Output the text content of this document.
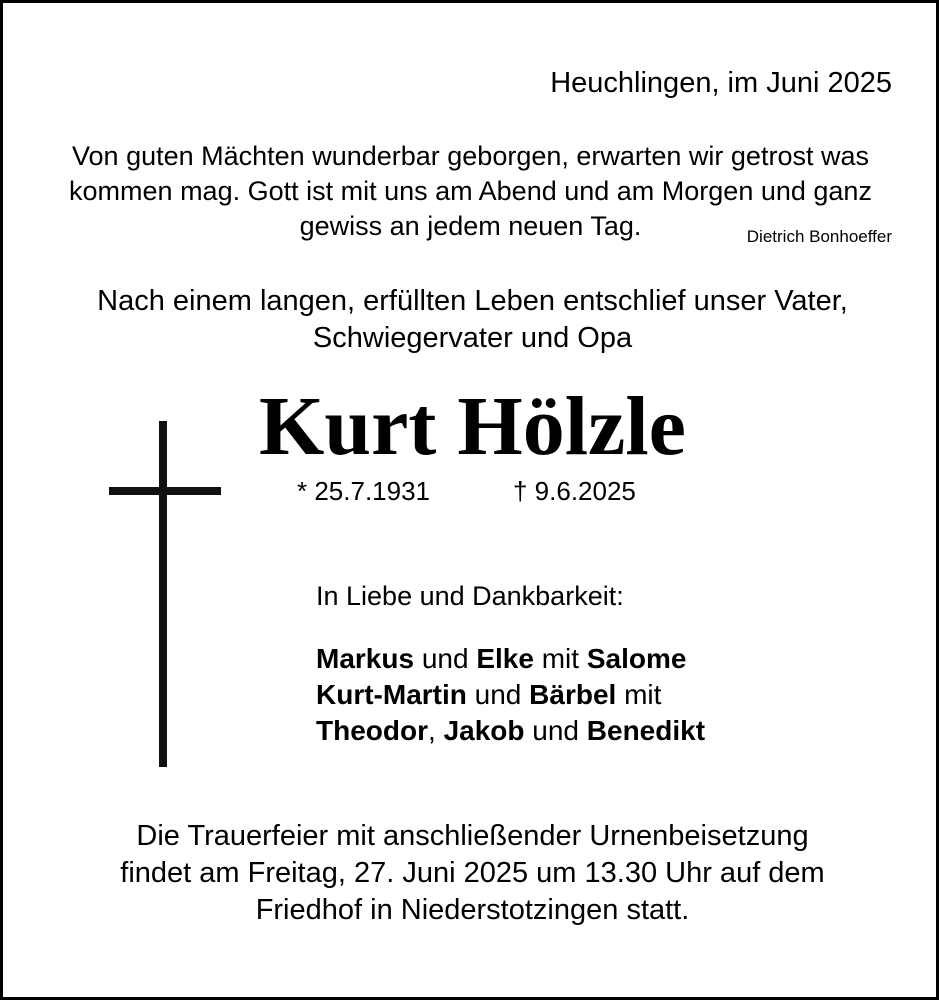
Heuchlingen, im Juni 2025
Von guten Mächten wunderbar geborgen, erwarten wir getrost was
kommen mag. Gott ist mit uns am Abend und am Morgen und ganz
gewiss an jedem neuen Tag.	Dietrich Bonhoeffer
Nach einem langen, erfüllten Leben entschlief unser Vater,
Schwiegervater und Opa
Kurt Hölzle
* 25.7.1931	† 9.6.2025
In Liebe und Dankbarkeit:
Markus und Elke mit Salome
Kurt-Martin und Bärbel mit
Theodor, Jakob und Benedikt
Die Trauerfeier mit anschließender Urnenbeisetzung
findet am Freitag, 27. Juni 2025 um 13.30 Uhr auf dem
Friedhof in Niederstotzingen statt.
